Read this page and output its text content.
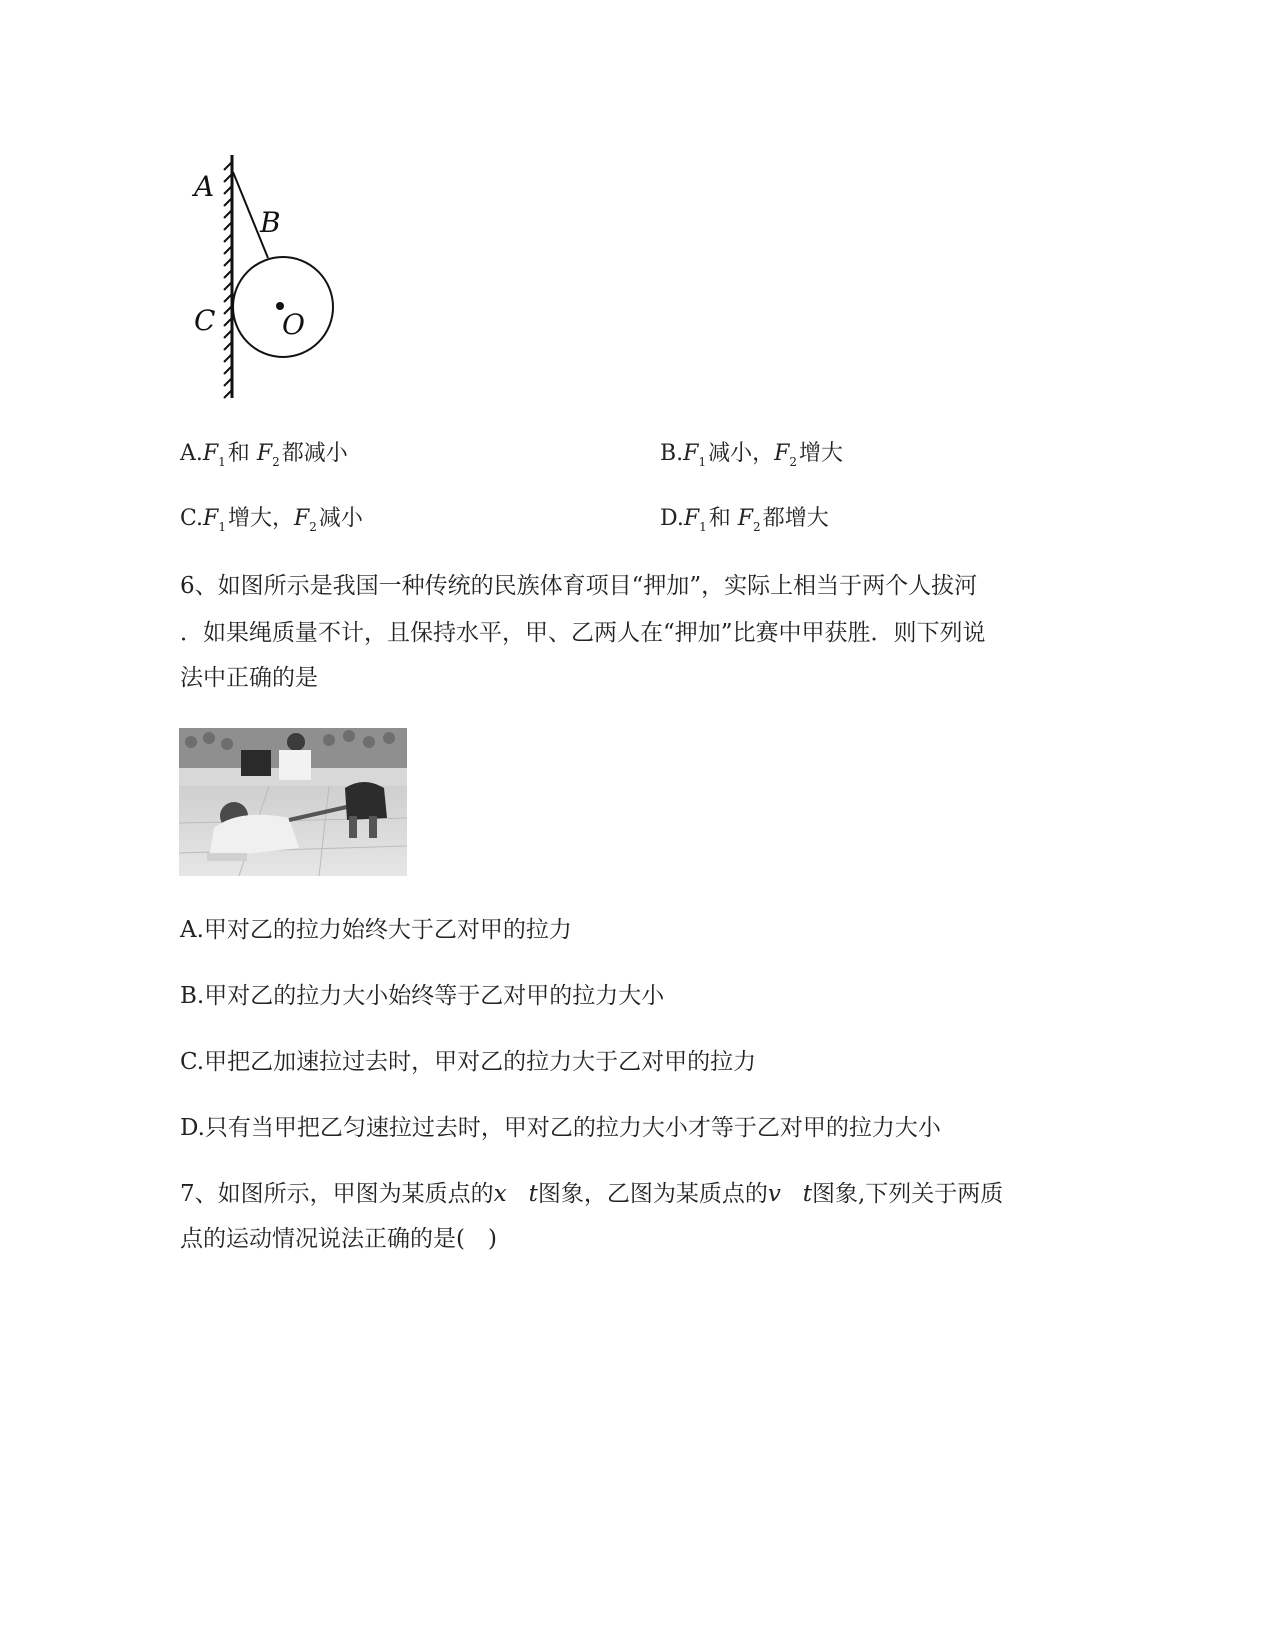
A
B
C O
$A.F_1$和 $F_2$都减小	$B.F_1$减小，$F_2$增大
$C.F_1$增大，$F_2$减小	$D.F_1$和 $F_2$都增大
6、如图所示是我国一种传统的民族体育项目“押加”，实际上相当于两个人拔河
．如果绳质量不计，且保持水平，甲、乙两人在“押加”比赛中甲获胜．则下列说
法中正确的是
A.甲对乙的拉力始终大于乙对甲的拉力
B.甲对乙的拉力大小始终等于乙对甲的拉力大小
C.甲把乙加速拉过去时，甲对乙的拉力大于乙对甲的拉力
D.只有当甲把乙匀速拉过去时，甲对乙的拉力大小才等于乙对甲的拉力大小
7、如图所示，甲图为某质点的x t图象，乙图为某质点的v t图象,下列关于两质
点的运动情况说法正确的是(　)
